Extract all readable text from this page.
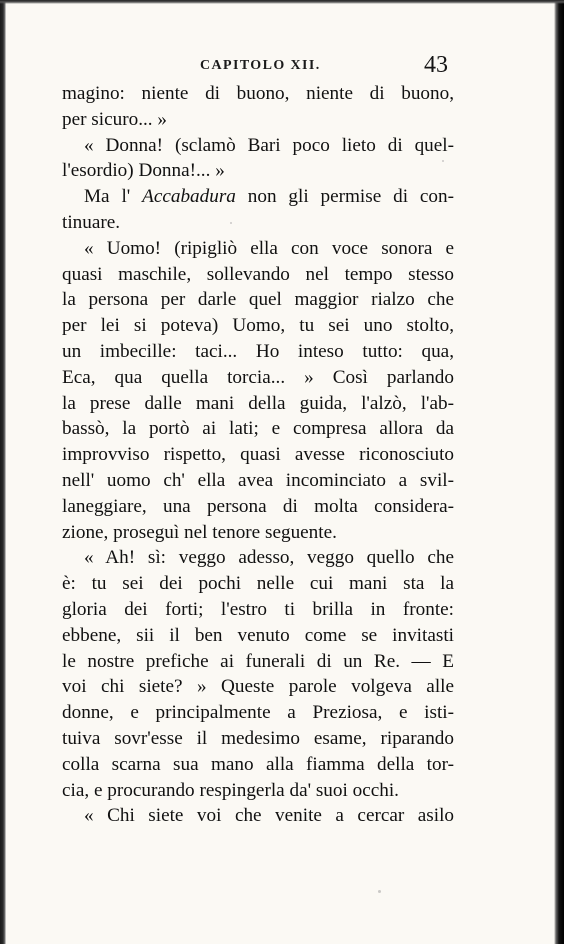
CAPITOLO XII.	43
magino: niente di buono, niente di buono,
per sicuro... »
« Donna! (sclamò Bari poco lieto di quel-
l'esordio) Donna!... »
Ma l' Accabadura non gli permise di con-
tinuare.
« Uomo! (ripigliò ella con voce sonora e
quasi maschile, sollevando nel tempo stesso
la persona per darle quel maggior rialzo che
per lei si poteva) Uomo, tu sei uno stolto,
un imbecille: taci... Ho inteso tutto: qua,
Eca, qua quella torcia... » Così parlando
la prese dalle mani della guida, l'alzò, l'ab-
bassò, la portò ai lati; e compresa allora da
improvviso rispetto, quasi avesse riconosciuto
nell' uomo ch' ella avea incominciato a svil-
laneggiare, una persona di molta considera-
zione, proseguì nel tenore seguente.
« Ah! sì: veggo adesso, veggo quello che
è: tu sei dei pochi nelle cui mani sta la
gloria dei forti; l'estro ti brilla in fronte:
ebbene, sii il ben venuto come se invitasti
le nostre prefiche ai funerali di un Re. — E
voi chi siete? » Queste parole volgeva alle
donne, e principalmente a Preziosa, e isti-
tuiva sovr'esse il medesimo esame, riparando
colla scarna sua mano alla fiamma della tor-
cia, e procurando respingerla da' suoi occhi.
« Chi siete voi che venite a cercar asilo
